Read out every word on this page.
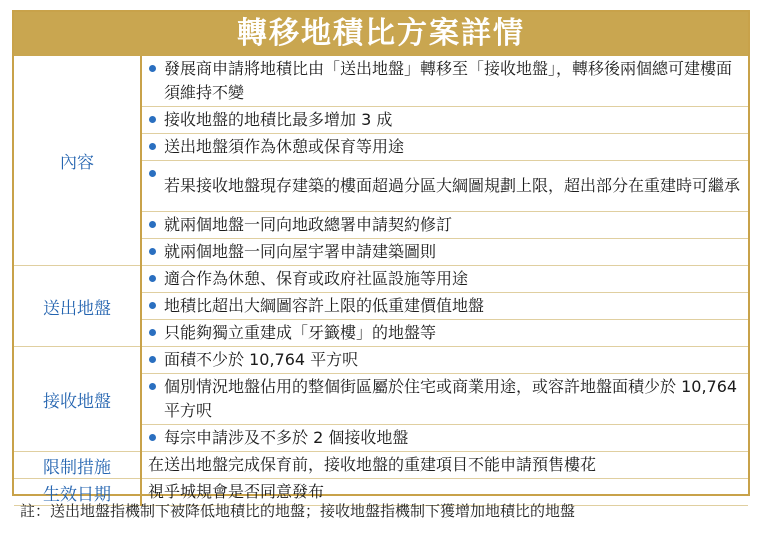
轉移地積比方案詳情
內容	發展商申請將地積比由「送出地盤」轉移至「接收地盤」，轉移後兩個總可建樓面須維持不變

接收地盤的地積比最多增加 3 成

送出地盤須作為休憩或保育等用途

若果接收地盤現存建築的樓面超過分區大綱圖規劃上限，超出部分在重建時可繼承

就兩個地盤一同向地政總署申請契約修訂

就兩個地盤一同向屋宇署申請建築圖則
送出地盤	適合作為休憩、保育或政府社區設施等用途

地積比超出大綱圖容許上限的低重建價值地盤

只能夠獨立重建成「牙籤樓」的地盤等
接收地盤	面積不少於 10,764 平方呎

個別情況地盤佔用的整個街區屬於住宅或商業用途，或容許地盤面積少於 10,764 平方呎

每宗申請涉及不多於 2 個接收地盤
限制措施	在送出地盤完成保育前，接收地盤的重建項目不能申請預售樓花
生效日期	視乎城規會是否同意發布
註：送出地盤指機制下被降低地積比的地盤；接收地盤指機制下獲增加地積比的地盤
